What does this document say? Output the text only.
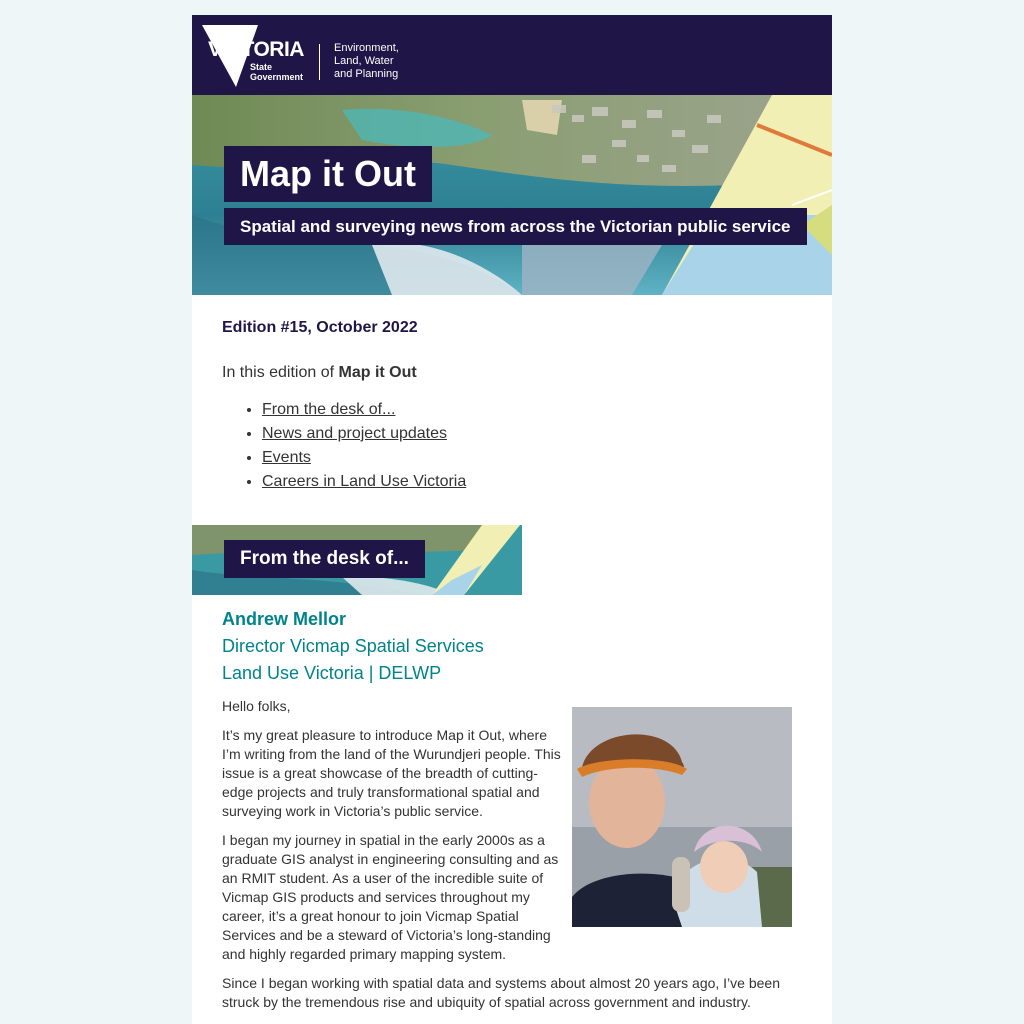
VICTORIA
State
Government
Environment,
Land, Water
and Planning
Map it Out
Spatial and surveying news from across the Victorian public service
Edition #15, October 2022
In this edition of Map it Out
• From the desk of...
• News and project updates
• Events
• Careers in Land Use Victoria
From the desk of...
Andrew Mellor
Director Vicmap Spatial Services
Land Use Victoria | DELWP

Hello folks,

It’s my great pleasure to introduce Map it Out, where I’m writing from the land of the Wurundjeri people. This issue is a great showcase of the breadth of cutting-edge projects and truly transformational spatial and surveying work in Victoria’s public service.

I began my journey in spatial in the early 2000s as a graduate GIS analyst in engineering consulting and as an RMIT student. As a user of the incredible suite of Vicmap GIS products and services throughout my career, it’s a great honour to join Vicmap Spatial Services and be a steward of Victoria’s long-standing and highly regarded primary mapping system.

Since I began working with spatial data and systems about almost 20 years ago, I’ve been struck by the tremendous rise and ubiquity of spatial across government and industry.
